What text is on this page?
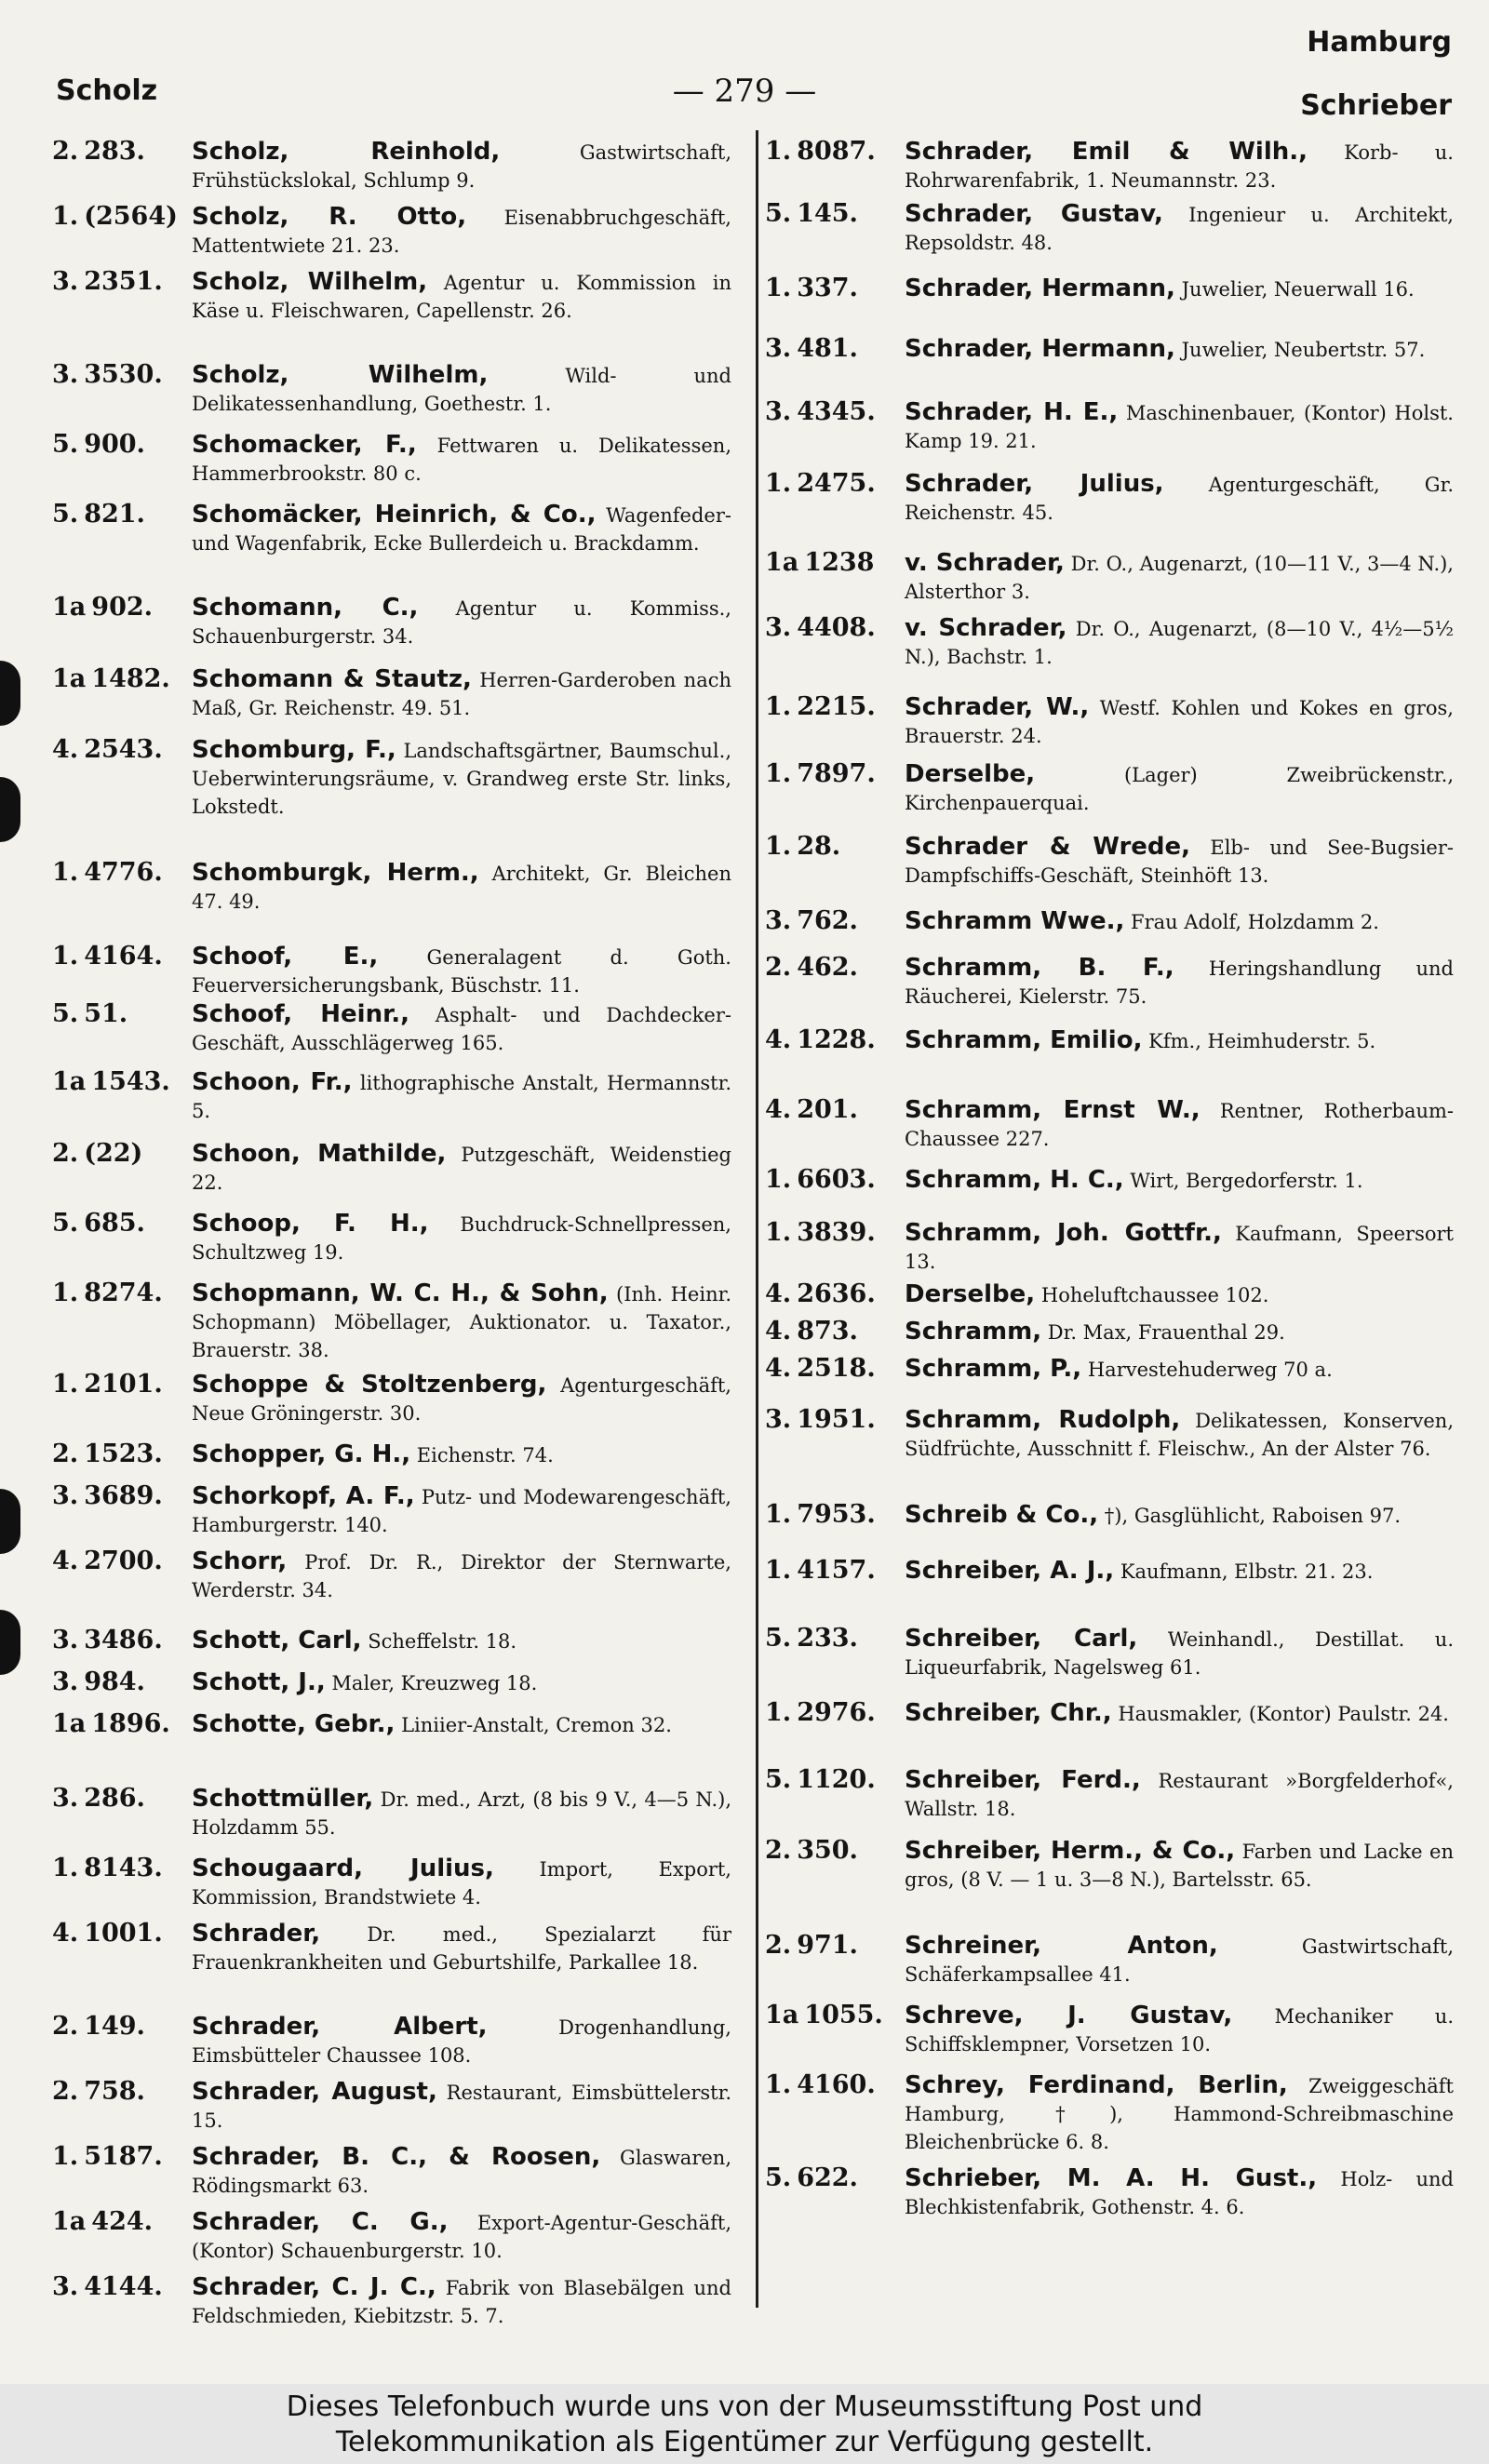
Hamburg
Scholz	— 279 —	Schrieber
2. 283.	Scholz, Reinhold,	Gastwirtschaft, Frühstückslokal, Schlump 9.
1. (2564) Scholz, R. Otto, Eisenabbruchgeschäft, Mattentwiete 21. 23.
3. 2351.	Scholz, Wilhelm, Agentur u. Kommission in Käse u. Fleischwaren, Capellenstr. 26.
3. 3530.	Scholz, Wilhelm,	Wild- und Delikatessenhandlung, Goethestr. 1.
5. 900.	Schomacker, F., Fettwaren u. Delikatessen, Hammerbrookstr. 80 c.
5. 821.	Schomäcker, Heinrich, & Co., Wagenfeder- und Wagenfabrik, Ecke Bullerdeich u. Brackdamm.
1a 902.	Schomann, C., Agentur u. Kommiss., Schauenburgerstr. 34.
1a 1482. Schomann & Stautz, Herren-Garderoben nach Maß, Gr. Reichenstr. 49. 51.
4. 2543.	Schomburg, F., Landschaftsgärtner, Baumschul., Ueberwinterungsräume, v. Grandweg erste Str. links, Lokstedt.
1. 4776.	Schomburgk, Herm., Architekt, Gr. Bleichen 47. 49.
1. 4164.	Schoof, E., Generalagent d. Goth. Feuerversicherungsbank, Büschstr. 11.
5. 51.	Schoof, Heinr., Asphalt- und Dachdecker-Geschäft, Ausschlägerweg 165.
1a 1543. Schoon, Fr., lithographische Anstalt, Hermannstr. 5.
2. (22)	Schoon, Mathilde, Putzgeschäft, Weidenstieg 22.
5. 685.	Schoop, F. H., Buchdruck-Schnellpressen, Schultzweg 19.
1. 8274.	Schopmann, W. C. H., & Sohn, (Inh. Heinr. Schopmann) Möbellager, Auktionator. u. Taxator., Brauerstr. 38.
1. 2101.	Schoppe & Stoltzenberg, Agenturgeschäft, Neue Gröningerstr. 30.
2. 1523.	Schopper, G. H., Eichenstr. 74.
3. 3689.	Schorkopf, A. F., Putz- und Modewarengeschäft, Hamburgerstr. 140.
4. 2700.	Schorr, Prof. Dr. R., Direktor der Sternwarte, Werderstr. 34.
3. 3486.	Schott, Carl, Scheffelstr. 18.
3. 984.	Schott, J., Maler, Kreuzweg 18.
1a 1896. Schotte, Gebr., Liniier-Anstalt, Cremon 32.
3. 286.	Schottmüller, Dr. med., Arzt, (8 bis 9 V., 4—5 N.), Holzdamm 55.
1. 8143.	Schougaard, Julius, Import, Export, Kommission, Brandstwiete 4.
4. 1001.	Schrader, Dr. med., Spezialarzt für Frauenkrankheiten und Geburtshilfe, Parkallee 18.
2. 149.	Schrader, Albert,	Drogenhandlung, Eimsbütteler Chaussee 108.
2. 758.	Schrader, August, Restaurant, Eimsbüttelerstr. 15.
1. 5187.	Schrader, B. C., & Roosen, Glaswaren, Rödingsmarkt 63.
1a 424.	Schrader, C. G., Export-Agentur-Geschäft, (Kontor) Schauenburgerstr. 10.
3. 4144.	Schrader, C. J. C., Fabrik von Blasebälgen und Feldschmieden, Kiebitzstr. 5. 7.
1. 8087.	Schrader, Emil & Wilh., Korb- u. Rohrwarenfabrik, 1. Neumannstr. 23.
5. 145.	Schrader, Gustav, Ingenieur u. Architekt, Repsoldstr. 48.
1. 337.	Schrader, Hermann, Juwelier, Neuerwall 16.
3. 481.	Schrader, Hermann, Juwelier, Neubertstr. 57.
3. 4345.	Schrader, H. E., Maschinenbauer, (Kontor) Holst. Kamp 19. 21.
1. 2475.	Schrader, Julius, Agenturgeschäft, Gr. Reichenstr. 45.
1a 1238	v. Schrader, Dr. O., Augenarzt, (10—11 V., 3—4 N.), Alsterthor 3.
3. 4408.	v. Schrader, Dr. O., Augenarzt, (8—10 V., 4½—5½ N.), Bachstr. 1.
1. 2215.	Schrader, W., Westf. Kohlen und Kokes en gros, Brauerstr. 24.
1. 7897.	Derselbe,	(Lager) Zweibrückenstr., Kirchenpauerquai.
1. 28.	Schrader & Wrede, Elb- und See-Bugsier-Dampfschiffs-Geschäft, Steinhöft 13.
3. 762.	Schramm Wwe., Frau Adolf, Holzdamm 2.
2. 462.	Schramm, B. F., Heringshandlung und Räucherei, Kielerstr. 75.
4. 1228.	Schramm, Emilio, Kfm., Heimhuderstr. 5.
4. 201.	Schramm, Ernst W., Rentner, Rotherbaum-Chaussee 227.
1. 6603.	Schramm, H. C., Wirt, Bergedorferstr. 1.
1. 3839.	Schramm, Joh. Gottfr., Kaufmann, Speersort 13.
4. 2636.	Derselbe, Hoheluftchaussee 102.
4. 873.	Schramm, Dr. Max, Frauenthal 29.
4. 2518.	Schramm, P., Harvestehuderweg 70 a.
3. 1951.	Schramm, Rudolph, Delikatessen, Konserven, Südfrüchte, Ausschnitt f. Fleischw., An der Alster 76.
1. 7953.	Schreib & Co., †), Gasglühlicht, Raboisen 97.
1. 4157.	Schreiber, A. J., Kaufmann, Elbstr. 21. 23.
5. 233.	Schreiber, Carl, Weinhandl., Destillat. u. Liqueurfabrik, Nagelsweg 61.
1. 2976.	Schreiber, Chr., Hausmakler, (Kontor) Paulstr. 24.
5. 1120.	Schreiber, Ferd., Restaurant »Borgfelderhof«, Wallstr. 18.
2. 350.	Schreiber, Herm., & Co., Farben und Lacke en gros, (8 V. — 1 u. 3—8 N.), Bartelsstr. 65.
2. 971.	Schreiner, Anton,	Gastwirtschaft, Schäferkampsallee 41.
1a 1055. Schreve, J. Gustav, Mechaniker u. Schiffsklempner, Vorsetzen 10.
1. 4160.	Schrey, Ferdinand, Berlin, Zweiggeschäft Hamburg, †), Hammond-Schreibmaschine Bleichenbrücke 6. 8.
5. 622.	Schrieber, M. A. H. Gust., Holz- und Blechkistenfabrik, Gothenstr. 4. 6.
Dieses Telefonbuch wurde uns von der Museumsstiftung Post und
Telekommunikation als Eigentümer zur Verfügung gestellt.
